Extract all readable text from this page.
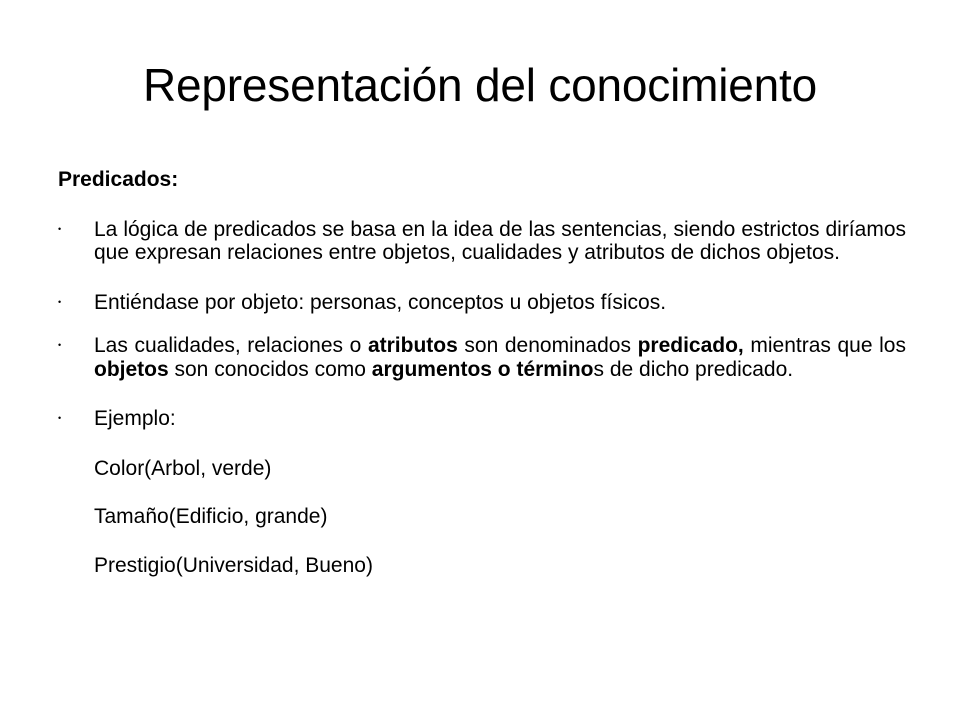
Representación del conocimiento
Predicados:
• La lógica de predicados se basa en la idea de las sentencias, siendo estrictos diríamos que expresan relaciones entre objetos, cualidades y atributos de dichos objetos.
• Entiéndase por objeto: personas, conceptos u objetos físicos.
• Las cualidades, relaciones o atributos son denominados predicado, mientras que los objetos son conocidos como argumentos o términos de dicho predicado.
• Ejemplo:
Color(Arbol, verde)
Tamaño(Edificio, grande)
Prestigio(Universidad, Bueno)
